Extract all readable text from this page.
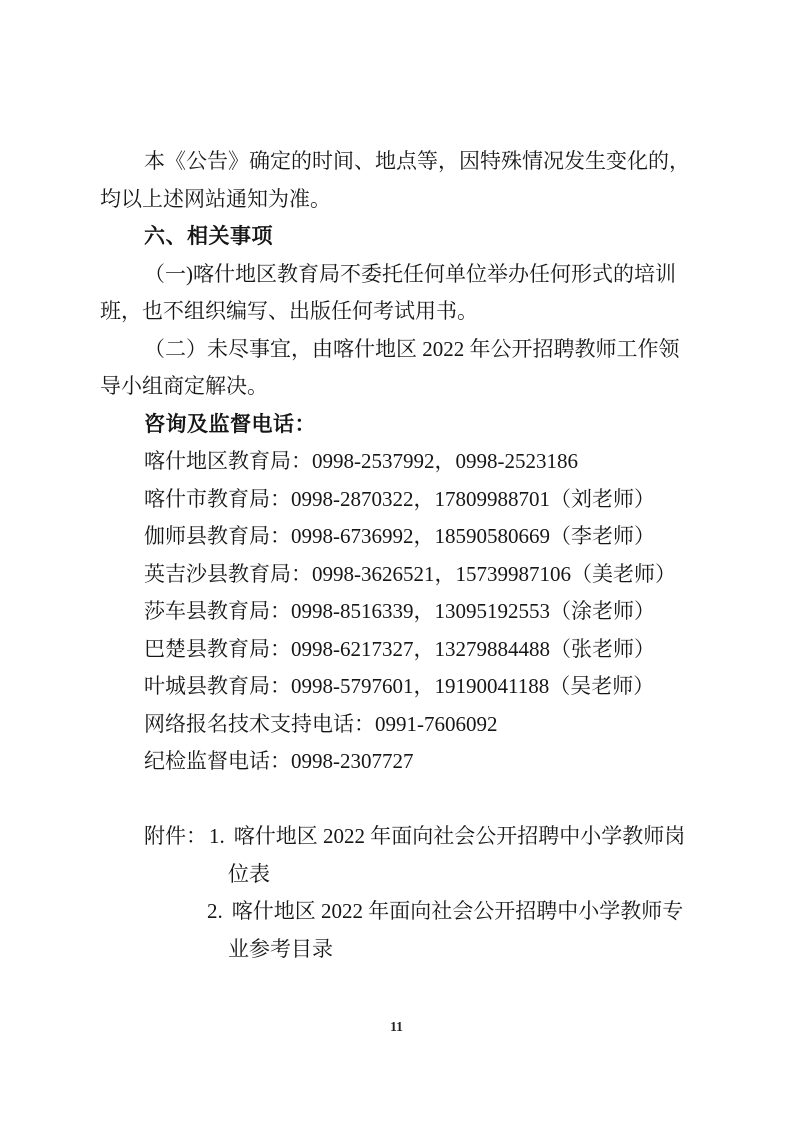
本《公告》确定的时间、地点等，因特殊情况发生变化的，
均以上述网站通知为准。
六、相关事项
（一)喀什地区教育局不委托任何单位举办任何形式的培训
班，也不组织编写、出版任何考试用书。
（二）未尽事宜，由喀什地区 2022 年公开招聘教师工作领
导小组商定解决。
咨询及监督电话：
喀什地区教育局：0998-2537992，0998-2523186
喀什市教育局：0998-2870322，17809988701（刘老师）
伽师县教育局：0998-6736992，18590580669（李老师）
英吉沙县教育局：0998-3626521，15739987106（美老师）
莎车县教育局：0998-8516339，13095192553（涂老师）
巴楚县教育局：0998-6217327，13279884488（张老师）
叶城县教育局：0998-5797601，19190041188（吴老师）
网络报名技术支持电话：0991-7606092
纪检监督电话：0998-2307727
附件：1. 喀什地区 2022 年面向社会公开招聘中小学教师岗
位表
2. 喀什地区 2022 年面向社会公开招聘中小学教师专
业参考目录
11
